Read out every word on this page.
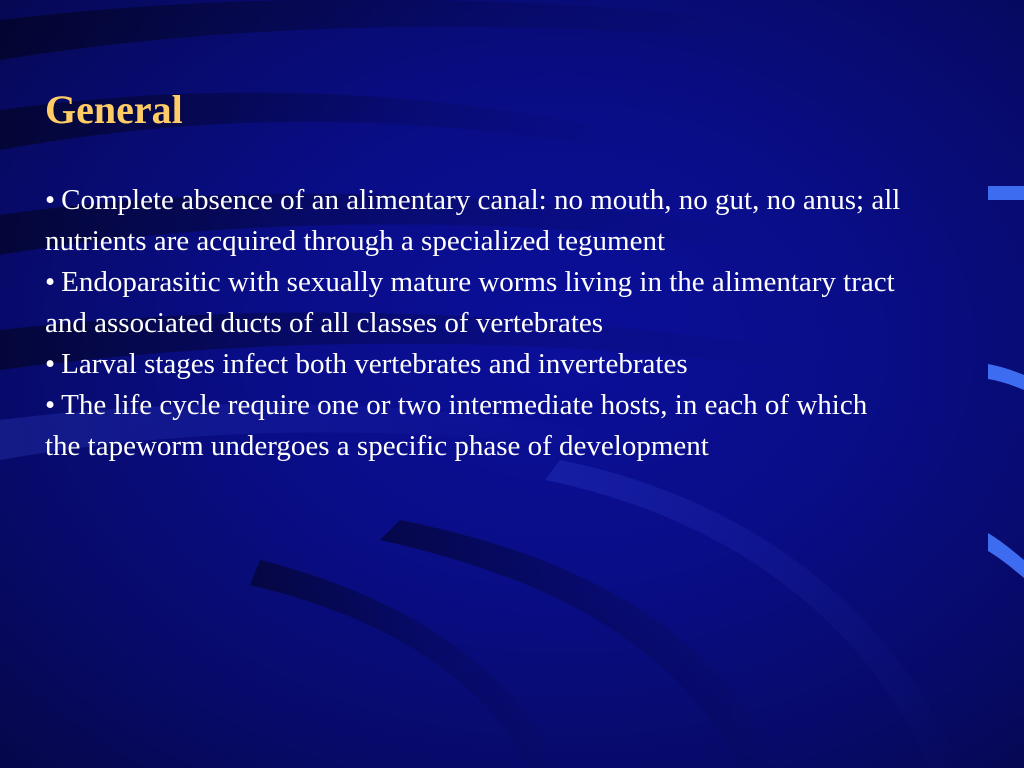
General
• Complete absence of an alimentary canal: no mouth, no gut, no anus; all nutrients are acquired through a specialized tegument
• Endoparasitic with sexually mature worms living in the alimentary tract and associated ducts of all classes of vertebrates
• Larval stages infect both vertebrates and invertebrates
• The life cycle require one or two intermediate hosts, in each of which the tapeworm undergoes a specific phase of development
